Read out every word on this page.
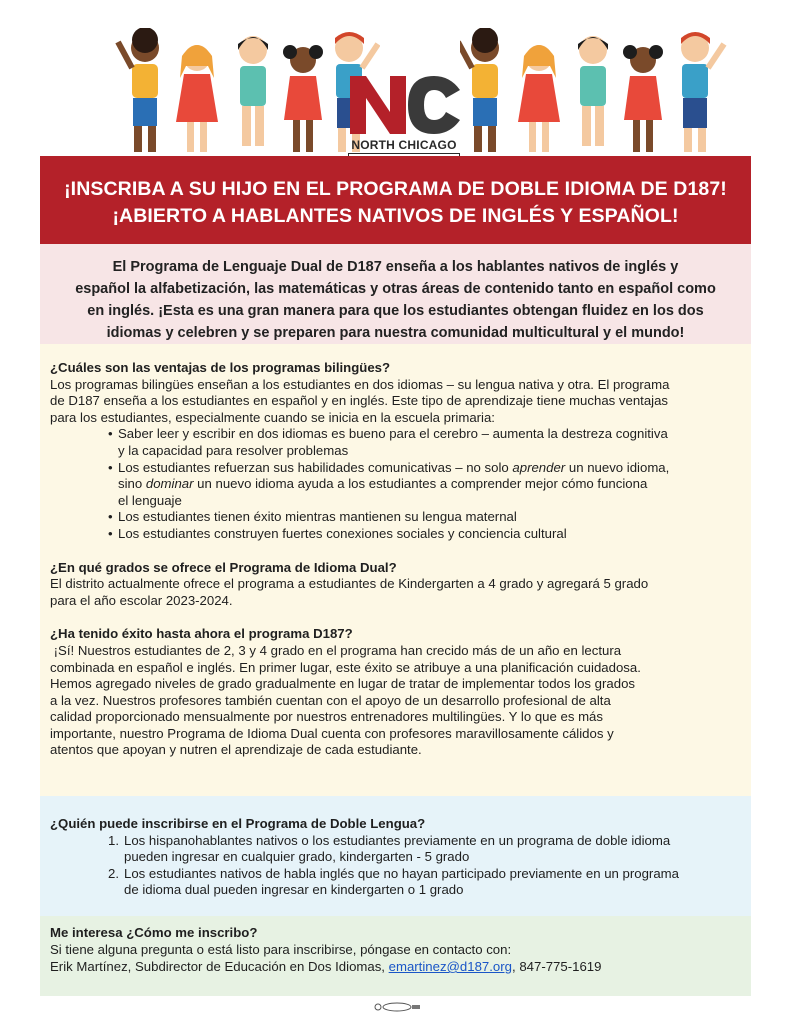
NORTH CHICAGO
¡INSCRIBA A SU HIJO EN EL PROGRAMA DE DOBLE IDIOMA DE D187!
¡ABIERTO A HABLANTES NATIVOS DE INGLÉS Y ESPAÑOL!
El Programa de Lenguaje Dual de D187 enseña a los hablantes nativos de inglés y
español la alfabetización, las matemáticas y otras áreas de contenido tanto en español como
en inglés. ¡Esta es una gran manera para que los estudiantes obtengan fluidez en los dos
idiomas y celebren y se preparen para nuestra comunidad multicultural y el mundo!
¿Cuáles son las ventajas de los programas bilingües?
Los programas bilingües enseñan a los estudiantes en dos idiomas – su lengua nativa y otra. El programa
de D187 enseña a los estudiantes en español y en inglés. Este tipo de aprendizaje tiene muchas ventajas
para los estudiantes, especialmente cuando se inicia en la escuela primaria:
• Saber leer y escribir en dos idiomas es bueno para el cerebro – aumenta la destreza cognitiva
y la capacidad para resolver problemas
• Los estudiantes refuerzan sus habilidades comunicativas – no solo aprender un nuevo idioma,
sino dominar un nuevo idioma ayuda a los estudiantes a comprender mejor cómo funciona
el lenguaje
• Los estudiantes tienen éxito mientras mantienen su lengua maternal
• Los estudiantes construyen fuertes conexiones sociales y conciencia cultural
¿En qué grados se ofrece el Programa de Idioma Dual?
El distrito actualmente ofrece el programa a estudiantes de Kindergarten a 4 grado y agregará 5 grado
para el año escolar 2023-2024.
¿Ha tenido éxito hasta ahora el programa D187?
¡Sí! Nuestros estudiantes de 2, 3 y 4 grado en el programa han crecido más de un año en lectura
combinada en español e inglés. En primer lugar, este éxito se atribuye a una planificación cuidadosa.
Hemos agregado niveles de grado gradualmente en lugar de tratar de implementar todos los grados
a la vez. Nuestros profesores también cuentan con el apoyo de un desarrollo profesional de alta
calidad proporcionado mensualmente por nuestros entrenadores multilingües. Y lo que es más
importante, nuestro Programa de Idioma Dual cuenta con profesores maravillosamente cálidos y
atentos que apoyan y nutren el aprendizaje de cada estudiante.
¿Quién puede inscribirse en el Programa de Doble Lengua?
1. Los hispanohablantes nativos o los estudiantes previamente en un programa de doble idioma
pueden ingresar en cualquier grado, kindergarten - 5 grado
2. Los estudiantes nativos de habla inglés que no hayan participado previamente en un programa
de idioma dual pueden ingresar en kindergarten o 1 grado
Me interesa ¿Cómo me inscribo?
Si tiene alguna pregunta o está listo para inscribirse, póngase en contacto con:
Erik Martínez, Subdirector de Educación en Dos Idiomas, emartinez@d187.org, 847-775-1619
